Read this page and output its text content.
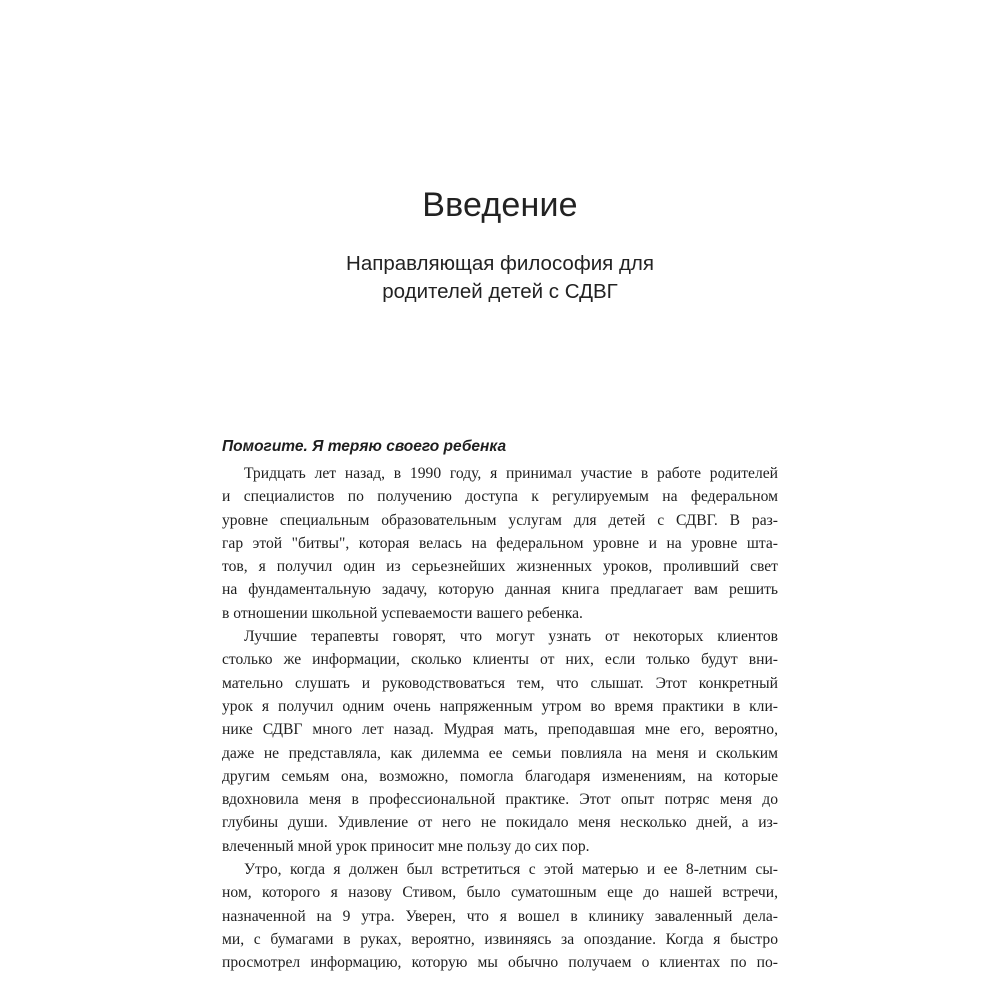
Введение
Направляющая философия для
родителей детей с СДВГ
Помогите. Я теряю своего ребенка
Тридцать лет назад, в 1990 году, я принимал участие в работе родителей
и специалистов по получению доступа к регулируемым на федеральном
уровне специальным образовательным услугам для детей с СДВГ. В раз-
гар этой "битвы", которая велась на федеральном уровне и на уровне шта-
тов, я получил один из серьезнейших жизненных уроков, проливший свет
на фундаментальную задачу, которую данная книга предлагает вам решить
в отношении школьной успеваемости вашего ребенка.
Лучшие терапевты говорят, что могут узнать от некоторых клиентов
столько же информации, сколько клиенты от них, если только будут вни-
мательно слушать и руководствоваться тем, что слышат. Этот конкретный
урок я получил одним очень напряженным утром во время практики в кли-
нике СДВГ много лет назад. Мудрая мать, преподавшая мне его, вероятно,
даже не представляла, как дилемма ее семьи повлияла на меня и скольким
другим семьям она, возможно, помогла благодаря изменениям, на которые
вдохновила меня в профессиональной практике. Этот опыт потряс меня до
глубины души. Удивление от него не покидало меня несколько дней, а из-
влеченный мной урок приносит мне пользу до сих пор.
Утро, когда я должен был встретиться с этой матерью и ее 8-летним сы-
ном, которого я назову Стивом, было суматошным еще до нашей встречи,
назначенной на 9 утра. Уверен, что я вошел в клинику заваленный дела-
ми, с бумагами в руках, вероятно, извиняясь за опоздание. Когда я быстро
просмотрел информацию, которую мы обычно получаем о клиентах по по-
